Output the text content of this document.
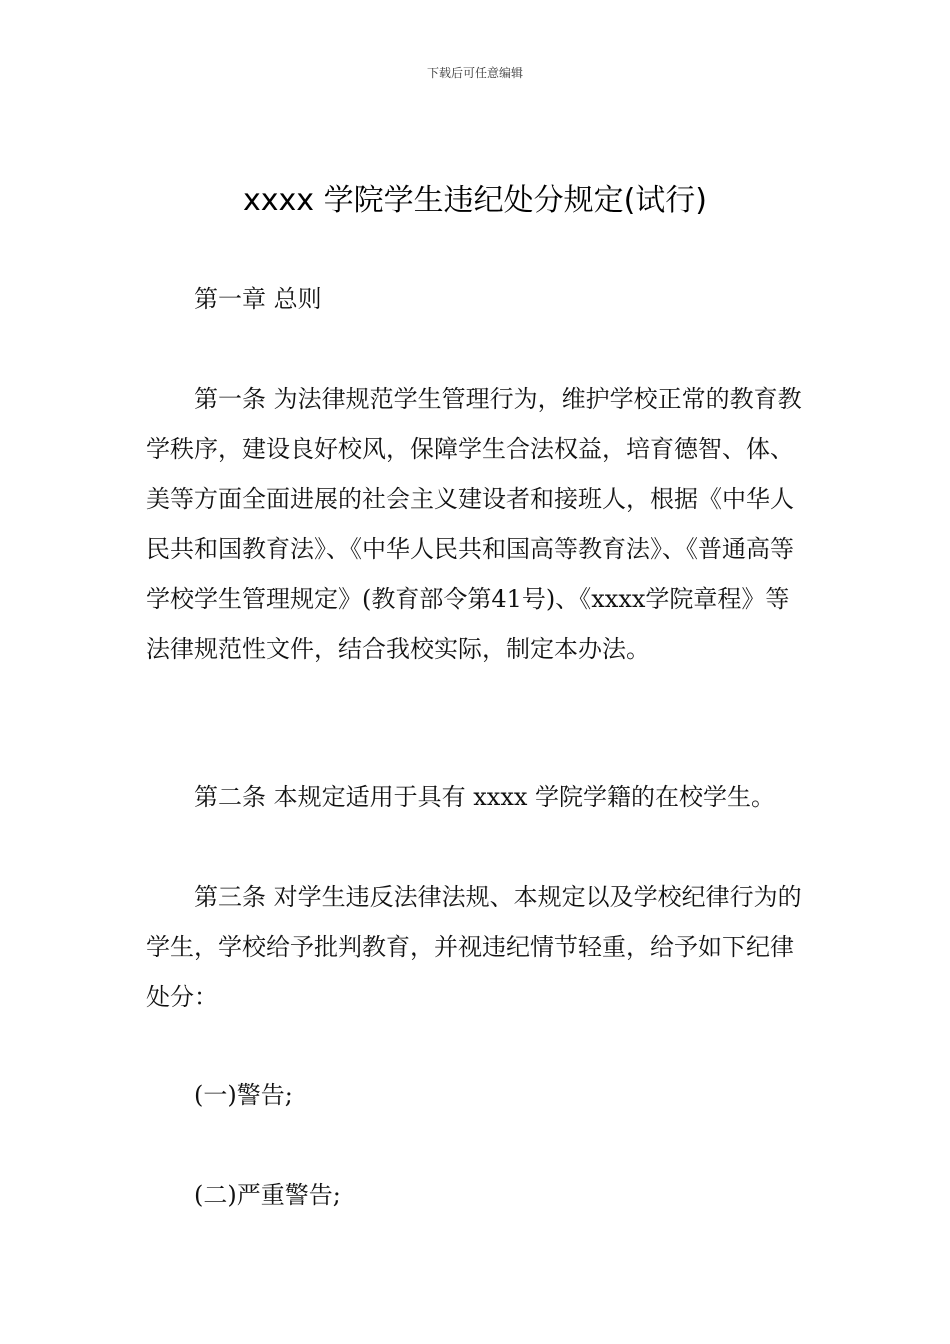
下载后可任意编辑
xxxx 学院学生违纪处分规定(试行)
第一章 总则

第一条 为法律规范学生管理行为，维护学校正常的教育教学秩序，建设良好校风，保障学生合法权益，培育德智、体、美等方面全面进展的社会主义建设者和接班人，根据《中华人民共和国教育法》、《中华人民共和国高等教育法》、《普通高等学校学生管理规定》(教育部令第41号)、《xxxx学院章程》等法律规范性文件，结合我校实际，制定本办法。

第二条 本规定适用于具有 xxxx 学院学籍的在校学生。

第三条 对学生违反法律法规、本规定以及学校纪律行为的学生，学校给予批判教育，并视违纪情节轻重，给予如下纪律处分：

(一)警告;
(二)严重警告;
